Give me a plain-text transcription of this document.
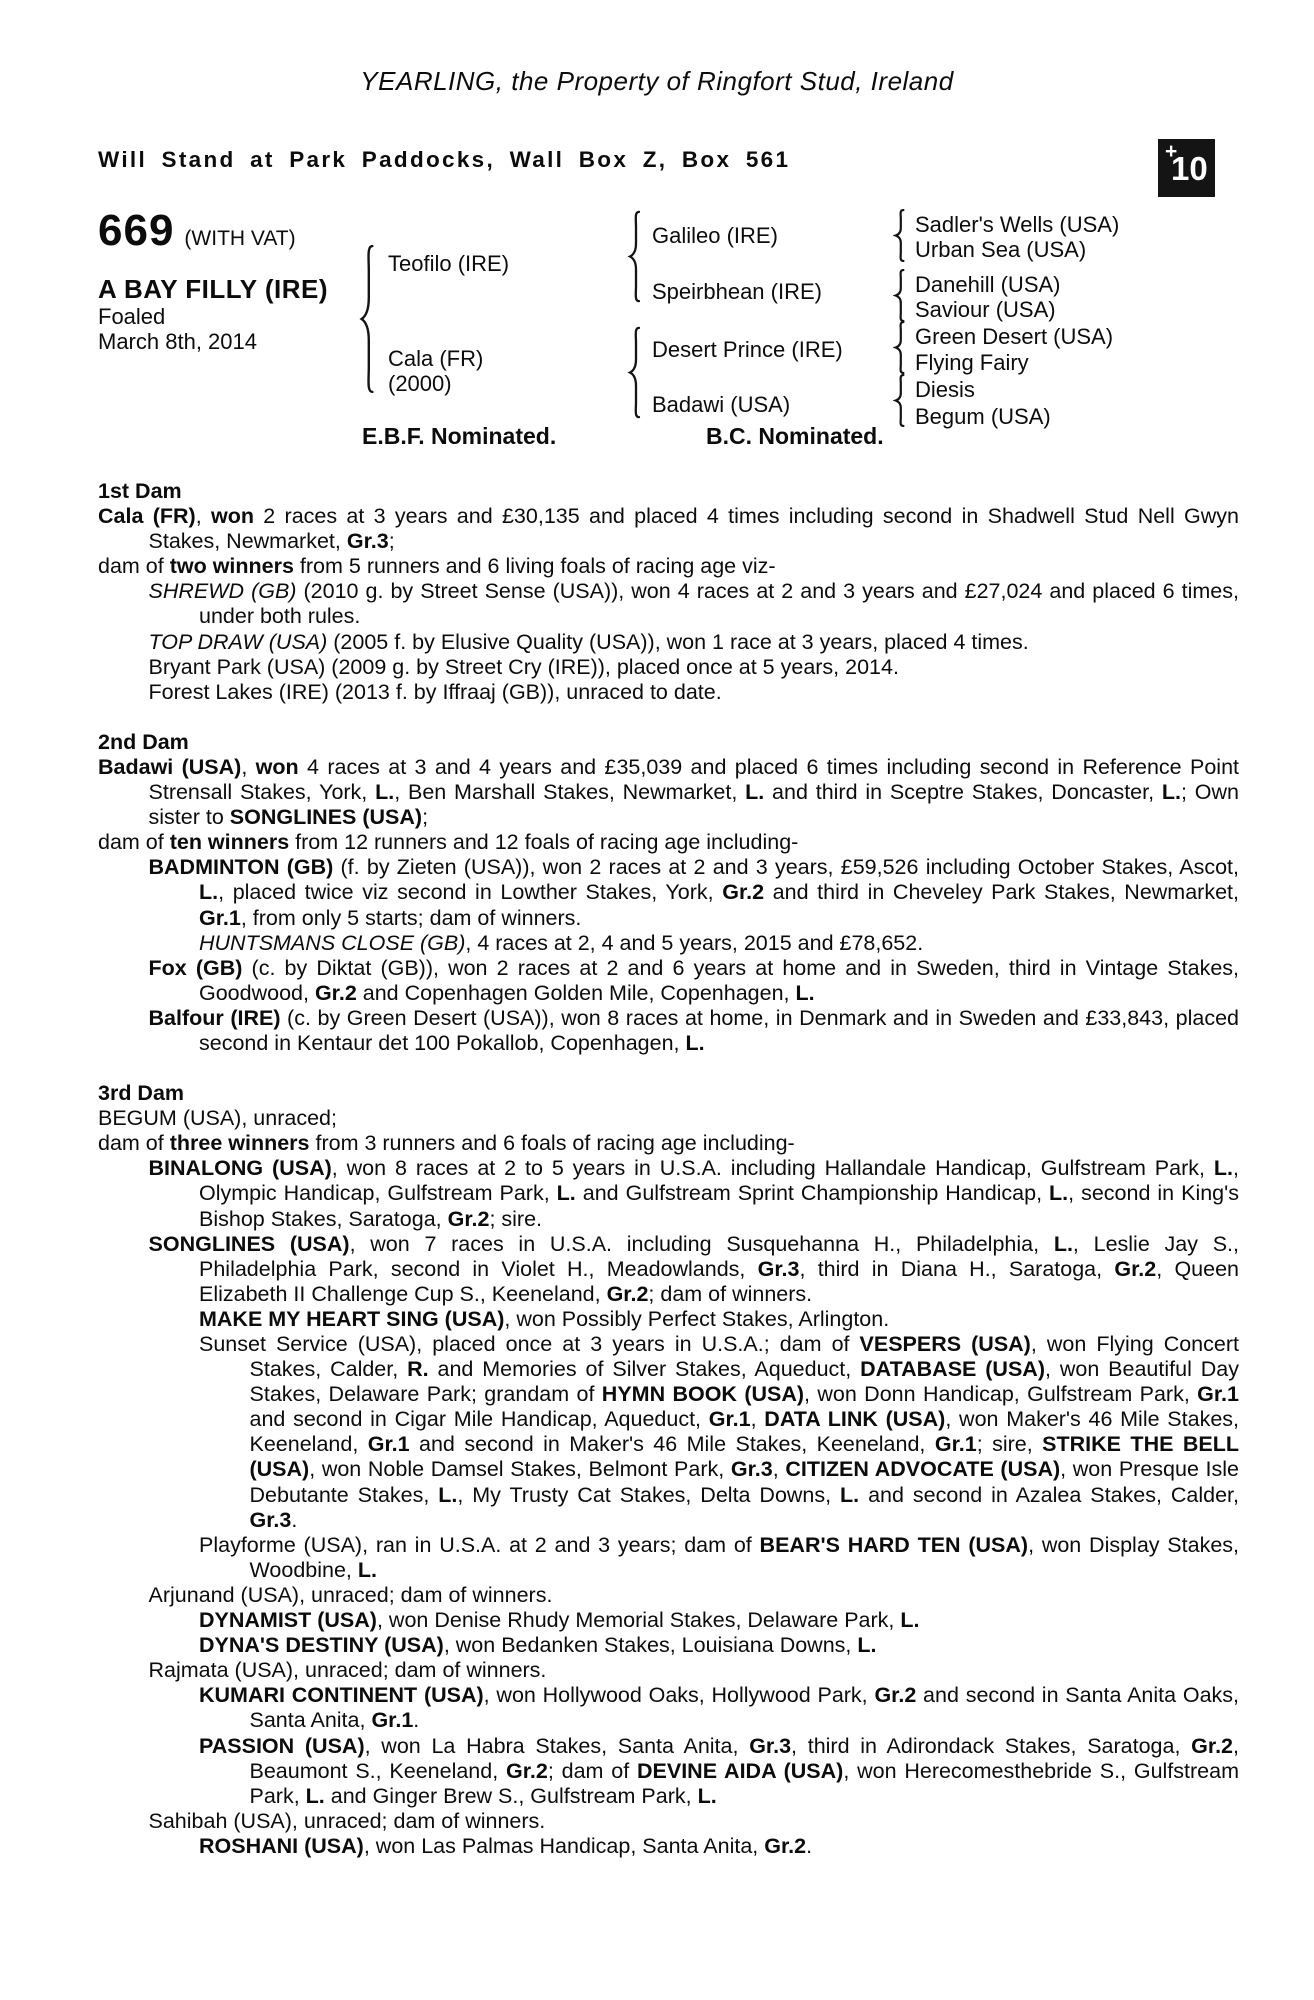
YEARLING, the Property of Ringfort Stud, Ireland
Will Stand at Park Paddocks, Wall Box Z, Box 561	+
10
669 (WITH VAT)
A BAY FILLY (IRE)
Foaled
March 8th, 2014
Teofilo (IRE)
Cala (FR)
(2000)
Galileo (IRE)
Speirbhean (IRE)
Desert Prince (IRE)
Badawi (USA)
Sadler's Wells (USA)
Urban Sea (USA)
Danehill (USA)
Saviour (USA)
Green Desert (USA)
Flying Fairy
Diesis
Begum (USA)
E.B.F. Nominated.	B.C. Nominated.
1st Dam
Cala (FR), won 2 races at 3 years and £30,135 and placed 4 times including second in Shadwell Stud Nell Gwyn Stakes, Newmarket, Gr.3;
dam of two winners from 5 runners and 6 living foals of racing age viz-
SHREWD (GB) (2010 g. by Street Sense (USA)), won 4 races at 2 and 3 years and £27,024 and placed 6 times, under both rules.
TOP DRAW (USA) (2005 f. by Elusive Quality (USA)), won 1 race at 3 years, placed 4 times.
Bryant Park (USA) (2009 g. by Street Cry (IRE)), placed once at 5 years, 2014.
Forest Lakes (IRE) (2013 f. by Iffraaj (GB)), unraced to date.
2nd Dam
Badawi (USA), won 4 races at 3 and 4 years and £35,039 and placed 6 times including second in Reference Point Strensall Stakes, York, L., Ben Marshall Stakes, Newmarket, L. and third in Sceptre Stakes, Doncaster, L.; Own sister to SONGLINES (USA);
dam of ten winners from 12 runners and 12 foals of racing age including-
BADMINTON (GB) (f. by Zieten (USA)), won 2 races at 2 and 3 years, £59,526 including October Stakes, Ascot, L., placed twice viz second in Lowther Stakes, York, Gr.2 and third in Cheveley Park Stakes, Newmarket, Gr.1, from only 5 starts; dam of winners.
HUNTSMANS CLOSE (GB), 4 races at 2, 4 and 5 years, 2015 and £78,652.
Fox (GB) (c. by Diktat (GB)), won 2 races at 2 and 6 years at home and in Sweden, third in Vintage Stakes, Goodwood, Gr.2 and Copenhagen Golden Mile, Copenhagen, L.
Balfour (IRE) (c. by Green Desert (USA)), won 8 races at home, in Denmark and in Sweden and £33,843, placed second in Kentaur det 100 Pokallob, Copenhagen, L.
3rd Dam
BEGUM (USA), unraced;
dam of three winners from 3 runners and 6 foals of racing age including-
BINALONG (USA), won 8 races at 2 to 5 years in U.S.A. including Hallandale Handicap, Gulfstream Park, L., Olympic Handicap, Gulfstream Park, L. and Gulfstream Sprint Championship Handicap, L., second in King's Bishop Stakes, Saratoga, Gr.2; sire.
SONGLINES (USA), won 7 races in U.S.A. including Susquehanna H., Philadelphia, L., Leslie Jay S., Philadelphia Park, second in Violet H., Meadowlands, Gr.3, third in Diana H., Saratoga, Gr.2, Queen Elizabeth II Challenge Cup S., Keeneland, Gr.2; dam of winners.
MAKE MY HEART SING (USA), won Possibly Perfect Stakes, Arlington.
Sunset Service (USA), placed once at 3 years in U.S.A.; dam of VESPERS (USA), won Flying Concert Stakes, Calder, R. and Memories of Silver Stakes, Aqueduct, DATABASE (USA), won Beautiful Day Stakes, Delaware Park; grandam of HYMN BOOK (USA), won Donn Handicap, Gulfstream Park, Gr.1 and second in Cigar Mile Handicap, Aqueduct, Gr.1, DATA LINK (USA), won Maker's 46 Mile Stakes, Keeneland, Gr.1 and second in Maker's 46 Mile Stakes, Keeneland, Gr.1; sire, STRIKE THE BELL (USA), won Noble Damsel Stakes, Belmont Park, Gr.3, CITIZEN ADVOCATE (USA), won Presque Isle Debutante Stakes, L., My Trusty Cat Stakes, Delta Downs, L. and second in Azalea Stakes, Calder, Gr.3.
Playforme (USA), ran in U.S.A. at 2 and 3 years; dam of BEAR'S HARD TEN (USA), won Display Stakes, Woodbine, L.
Arjunand (USA), unraced; dam of winners.
DYNAMIST (USA), won Denise Rhudy Memorial Stakes, Delaware Park, L.
DYNA'S DESTINY (USA), won Bedanken Stakes, Louisiana Downs, L.
Rajmata (USA), unraced; dam of winners.
KUMARI CONTINENT (USA), won Hollywood Oaks, Hollywood Park, Gr.2 and second in Santa Anita Oaks, Santa Anita, Gr.1.
PASSION (USA), won La Habra Stakes, Santa Anita, Gr.3, third in Adirondack Stakes, Saratoga, Gr.2, Beaumont S., Keeneland, Gr.2; dam of DEVINE AIDA (USA), won Herecomesthebride S., Gulfstream Park, L. and Ginger Brew S., Gulfstream Park, L.
Sahibah (USA), unraced; dam of winners.
ROSHANI (USA), won Las Palmas Handicap, Santa Anita, Gr.2.
